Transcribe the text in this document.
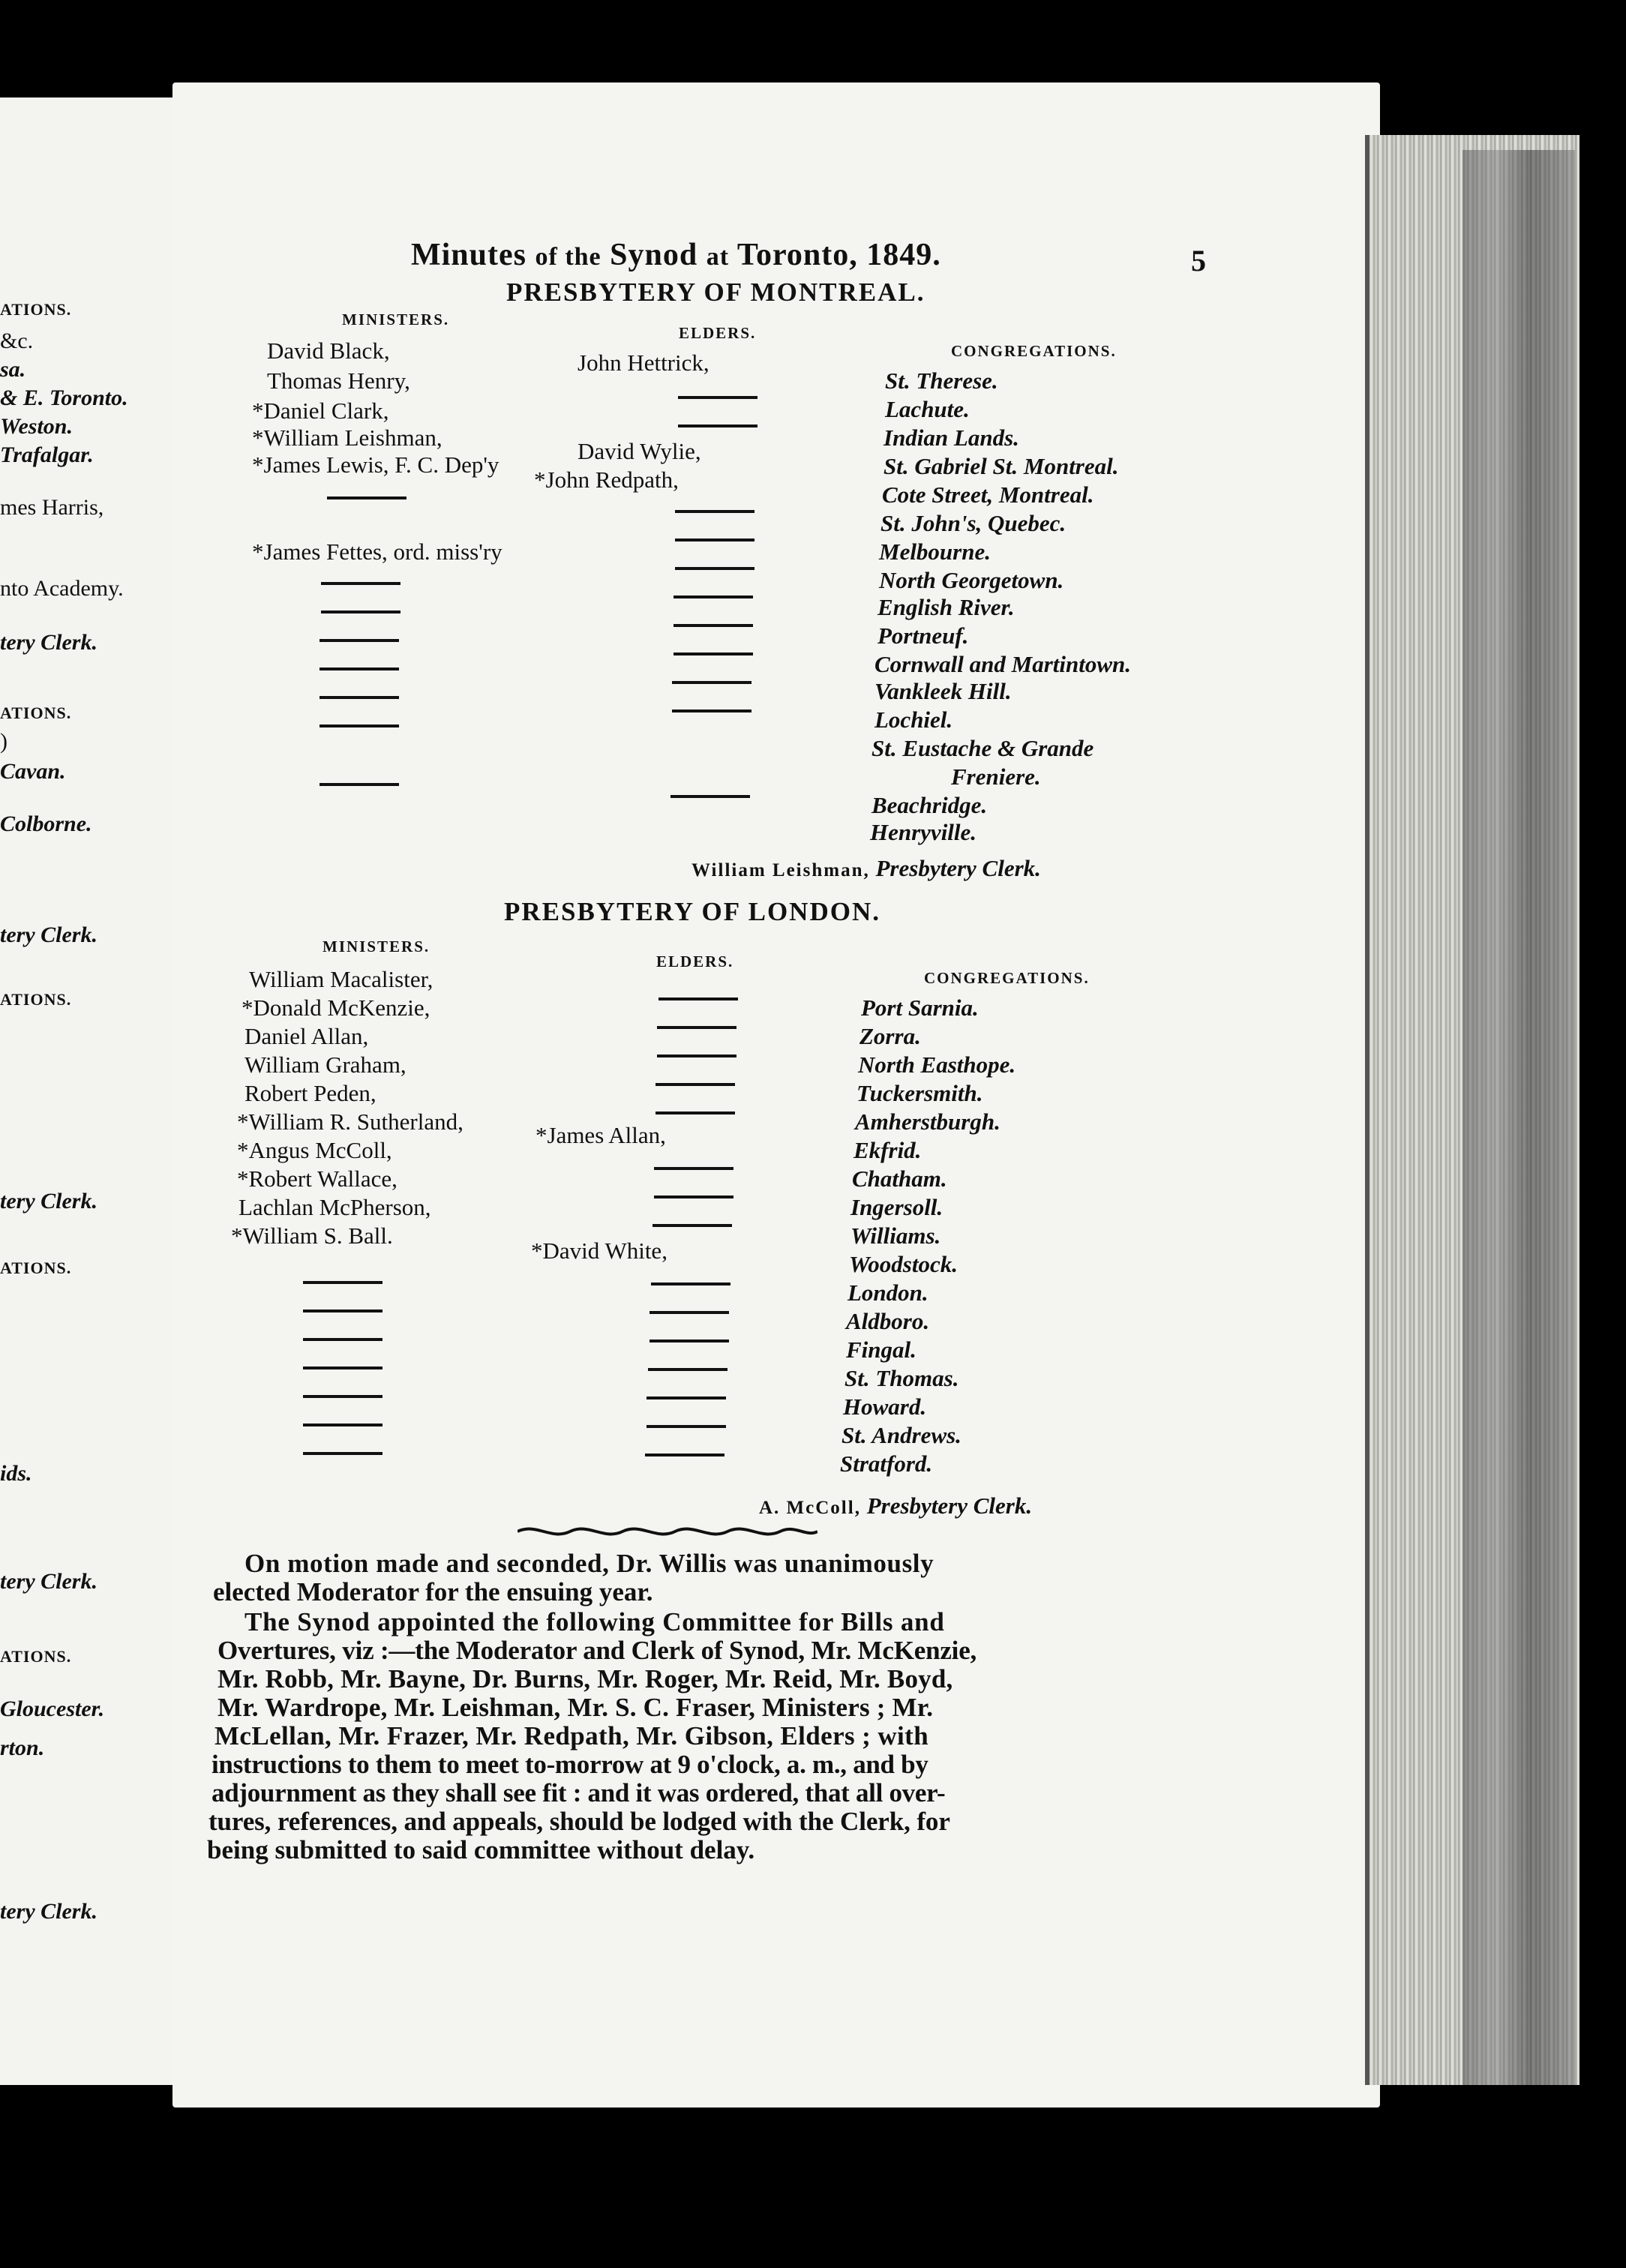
ATIONS.
&c.
sa.
& E. Toronto.
Weston.
Trafalgar.
mes Harris,
nto Academy.
tery Clerk.
ATIONS.
)
Cavan.
Colborne.
tery Clerk.
ATIONS.
tery Clerk.
ATIONS.
ids.
tery Clerk.
ATIONS.
Gloucester.
rton.
tery Clerk.
Minutes of the Synod at Toronto, 1849.	5
PRESBYTERY OF MONTREAL.
MINISTERS.
ELDERS.
CONGREGATIONS.
David Black,
Thomas Henry,
*Daniel Clark,
*William Leishman,
*James Lewis, F. C. Dep'y
*James Fettes, ord. miss'ry
John Hettrick,
David Wylie,
*John Redpath,
St. Therese.
Lachute.
Indian Lands.
St. Gabriel St. Montreal.
Cote Street, Montreal.
St. John's, Quebec.
Melbourne.
North Georgetown.
English River.
Portneuf.
Cornwall and Martintown.
Vankleek Hill.
Lochiel.
St. Eustache & Grande
Freniere.
Beachridge.
Henryville.
William Leishman, Presbytery Clerk.
PRESBYTERY OF LONDON.
MINISTERS.
ELDERS.
CONGREGATIONS.
William Macalister,
*Donald McKenzie,
Daniel Allan,
William Graham,
Robert Peden,
*William R. Sutherland,
*Angus McColl,
*Robert Wallace,
Lachlan McPherson,
*William S. Ball.
*James Allan,
*David White,
Port Sarnia.
Zorra.
North Easthope.
Tuckersmith.
Amherstburgh.
Ekfrid.
Chatham.
Ingersoll.
Williams.
Woodstock.
London.
Aldboro.
Fingal.
St. Thomas.
Howard.
St. Andrews.
Stratford.
A. McColl, Presbytery Clerk.
On motion made and seconded, Dr. Willis was unanimously
elected Moderator for the ensuing year.
The Synod appointed the following Committee for Bills and
Overtures, viz :—the Moderator and Clerk of Synod, Mr. McKenzie,
Mr. Robb, Mr. Bayne, Dr. Burns, Mr. Roger, Mr. Reid, Mr. Boyd,
Mr. Wardrope, Mr. Leishman, Mr. S. C. Fraser, Ministers ; Mr.
McLellan, Mr. Frazer, Mr. Redpath, Mr. Gibson, Elders ; with
instructions to them to meet to-morrow at 9 o'clock, a. m., and by
adjournment as they shall see fit : and it was ordered, that all over-
tures, references, and appeals, should be lodged with the Clerk, for
being submitted to said committee without delay.
